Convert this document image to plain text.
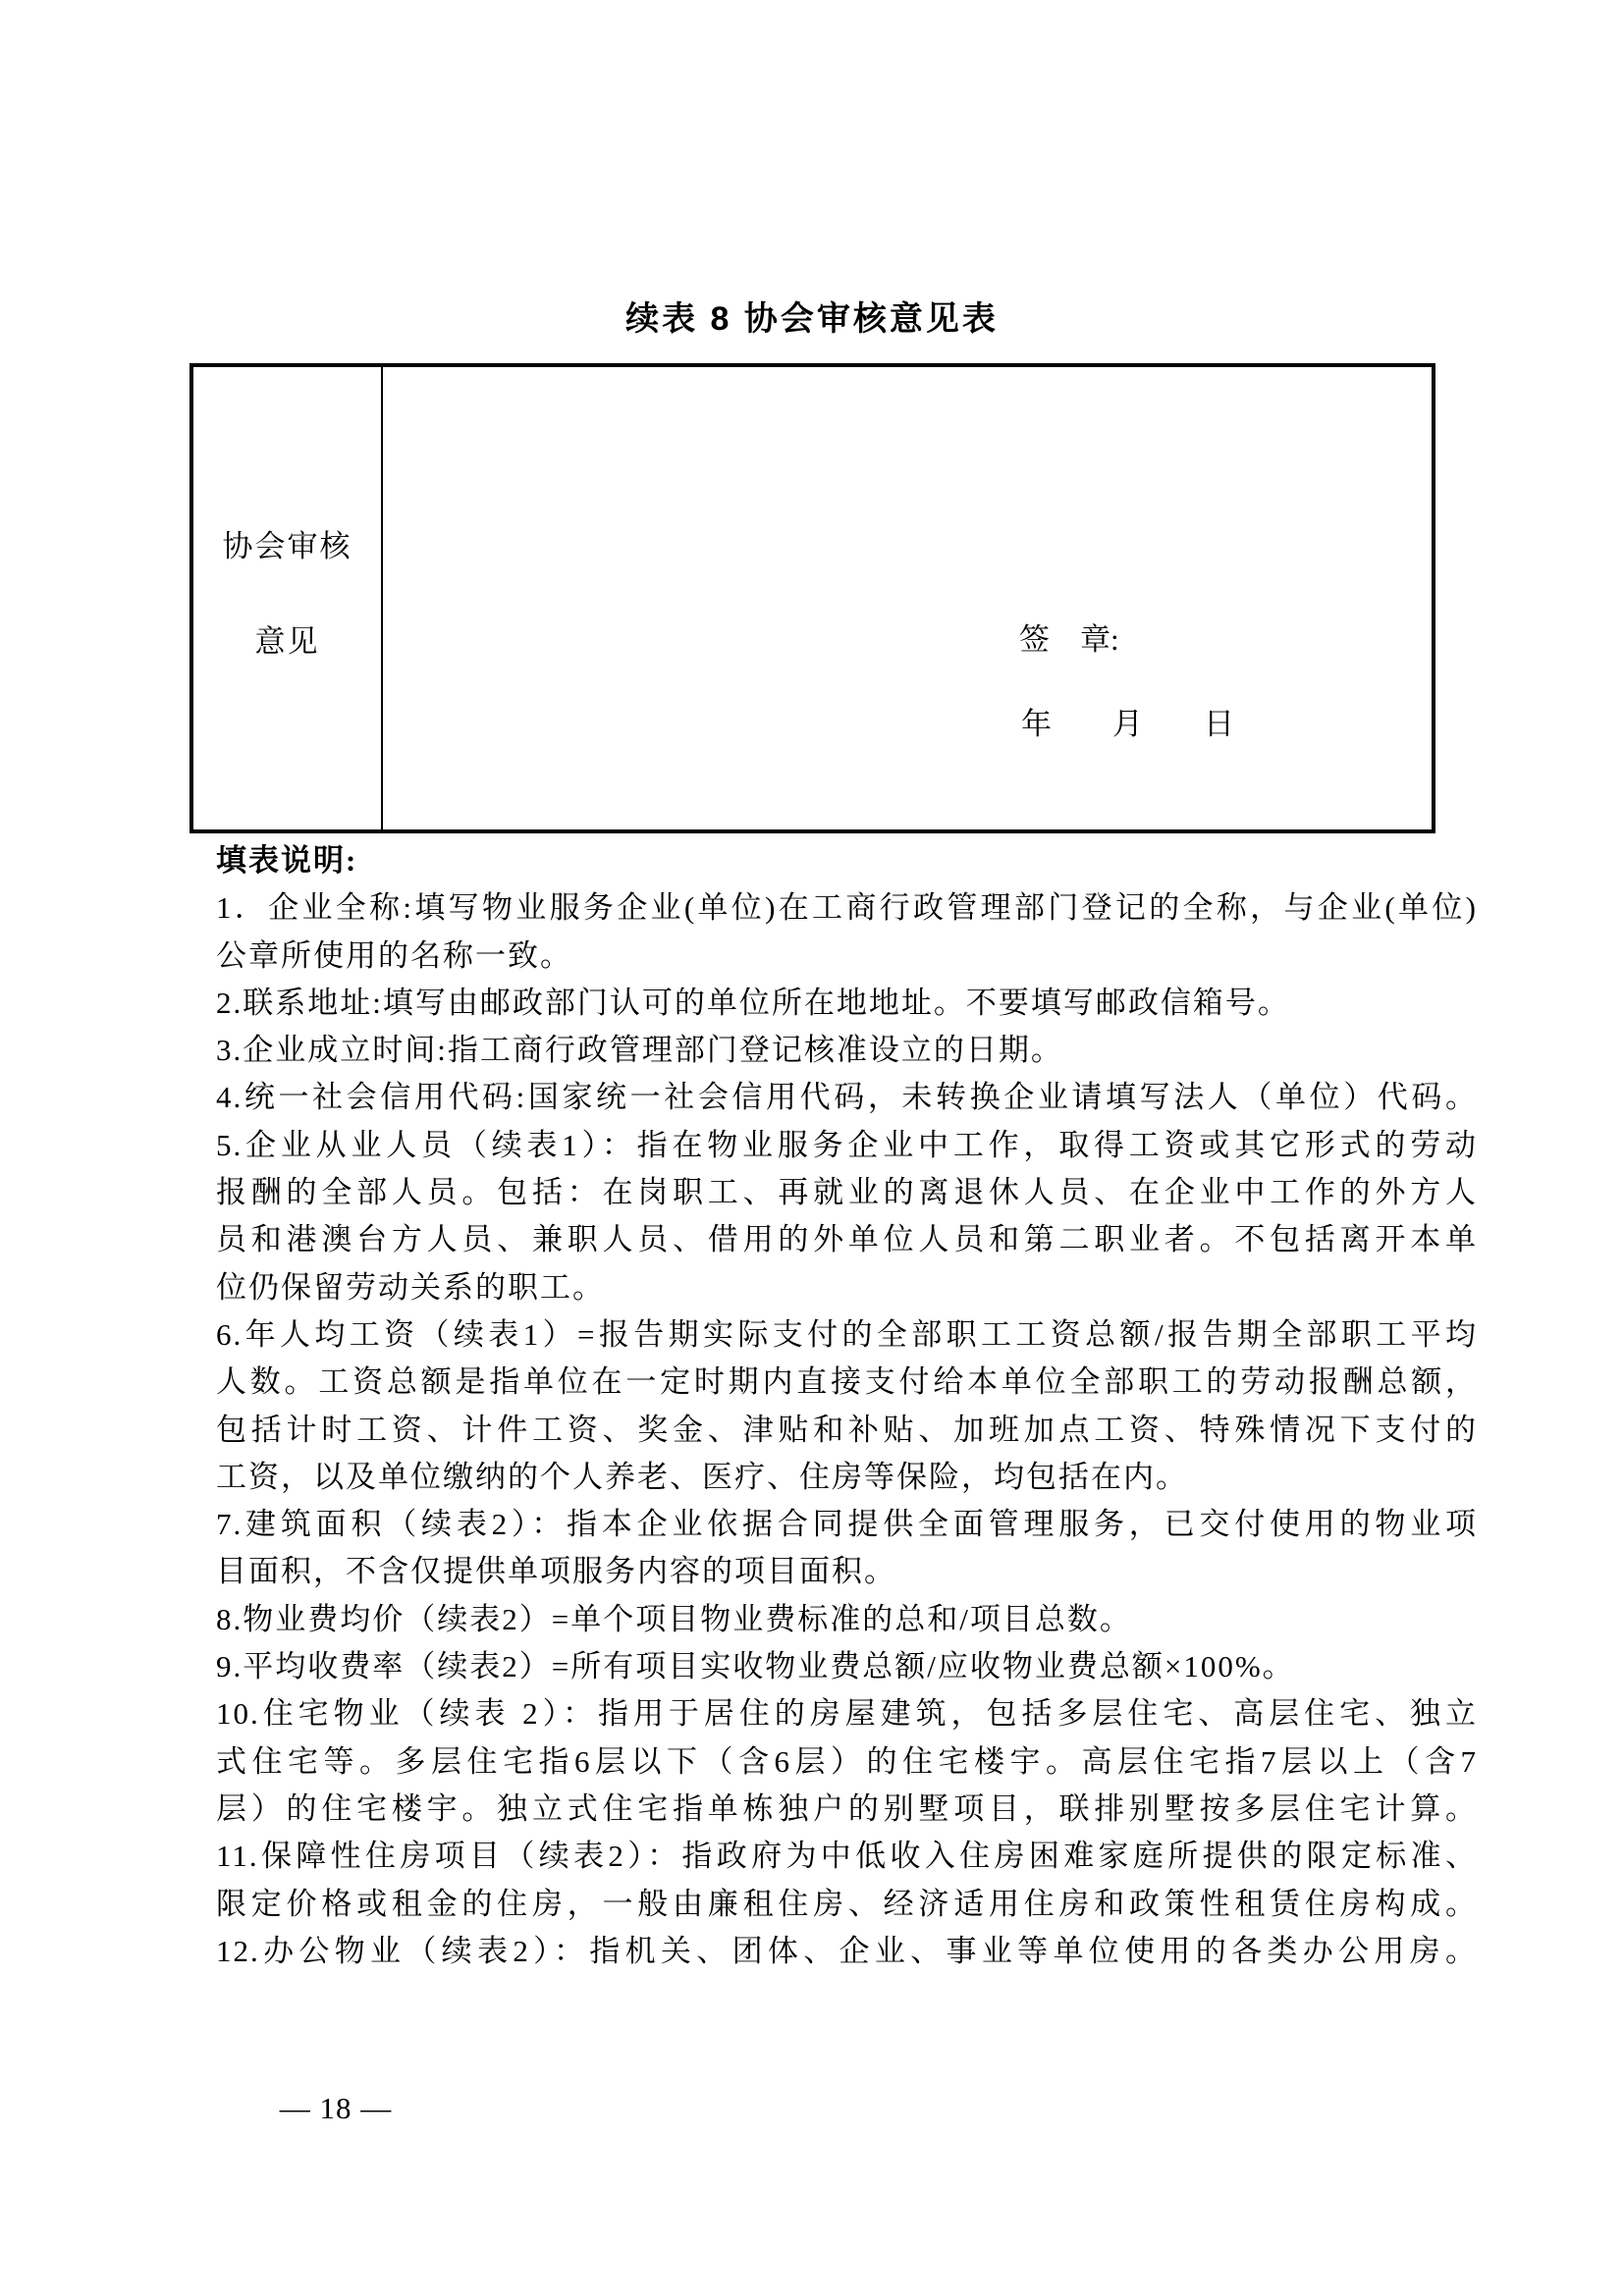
续表 8 协会审核意见表
协会审核
意见	签　章:
年　　月　　日
填表说明:
1．企业全称:填写物业服务企业(单位)在工商行政管理部门登记的全称，与企业(单位)
公章所使用的名称一致。
2.联系地址:填写由邮政部门认可的单位所在地地址。不要填写邮政信箱号。
3.企业成立时间:指工商行政管理部门登记核准设立的日期。
4.统一社会信用代码:国家统一社会信用代码，未转换企业请填写法人（单位）代码。
5.企业从业人员（续表1）：指在物业服务企业中工作，取得工资或其它形式的劳动
报酬的全部人员。包括：在岗职工、再就业的离退休人员、在企业中工作的外方人
员和港澳台方人员、兼职人员、借用的外单位人员和第二职业者。不包括离开本单
位仍保留劳动关系的职工。
6.年人均工资（续表1）=报告期实际支付的全部职工工资总额/报告期全部职工平均
人数。工资总额是指单位在一定时期内直接支付给本单位全部职工的劳动报酬总额，
包括计时工资、计件工资、奖金、津贴和补贴、加班加点工资、特殊情况下支付的
工资，以及单位缴纳的个人养老、医疗、住房等保险，均包括在内。
7.建筑面积（续表2）：指本企业依据合同提供全面管理服务，已交付使用的物业项
目面积，不含仅提供单项服务内容的项目面积。
8.物业费均价（续表2）=单个项目物业费标准的总和/项目总数。
9.平均收费率（续表2）=所有项目实收物业费总额/应收物业费总额×100%。
10.住宅物业（续表 2）：指用于居住的房屋建筑，包括多层住宅、高层住宅、独立
式住宅等。多层住宅指6层以下（含6层）的住宅楼宇。高层住宅指7层以上（含7
层）的住宅楼宇。独立式住宅指单栋独户的别墅项目，联排别墅按多层住宅计算。
11.保障性住房项目（续表2）：指政府为中低收入住房困难家庭所提供的限定标准、
限定价格或租金的住房，一般由廉租住房、经济适用住房和政策性租赁住房构成。
12.办公物业（续表2）：指机关、团体、企业、事业等单位使用的各类办公用房。
— 18 —
